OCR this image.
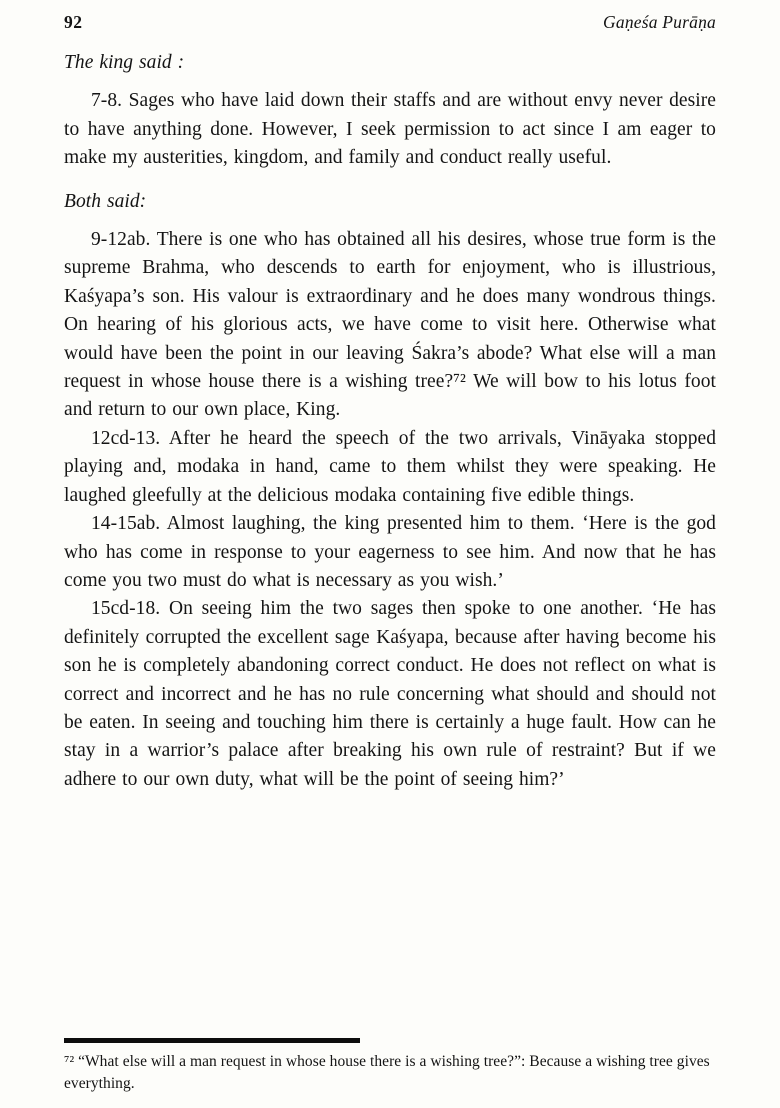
92	Gaṇeśa Purāṇa

The king said :

7-8. Sages who have laid down their staffs and are without envy never desire to have anything done. However, I seek permission to act since I am eager to make my austerities, kingdom, and family and conduct really useful.

Both said:

9-12ab. There is one who has obtained all his desires, whose true form is the supreme Brahma, who descends to earth for enjoyment, who is illustrious, Kaśyapa’s son. His valour is extraordinary and he does many wondrous things. On hearing of his glorious acts, we have come to visit here. Otherwise what would have been the point in our leaving Śakra’s abode? What else will a man request in whose house there is a wishing tree?⁷² We will bow to his lotus foot and return to our own place, King.

12cd-13. After he heard the speech of the two arrivals, Vināyaka stopped playing and, modaka in hand, came to them whilst they were speaking. He laughed gleefully at the delicious modaka containing five edible things.

14-15ab. Almost laughing, the king presented him to them. ‘Here is the god who has come in response to your eagerness to see him. And now that he has come you two must do what is necessary as you wish.’

15cd-18. On seeing him the two sages then spoke to one another. ‘He has definitely corrupted the excellent sage Kaśyapa, because after having become his son he is completely abandoning correct conduct. He does not reflect on what is correct and incorrect and he has no rule concerning what should and should not be eaten. In seeing and touching him there is certainly a huge fault. How can he stay in a warrior’s palace after breaking his own rule of restraint? But if we adhere to our own duty, what will be the point of seeing him?’

⁷² “What else will a man request in whose house there is a wishing tree?”: Because a wishing tree gives everything.
